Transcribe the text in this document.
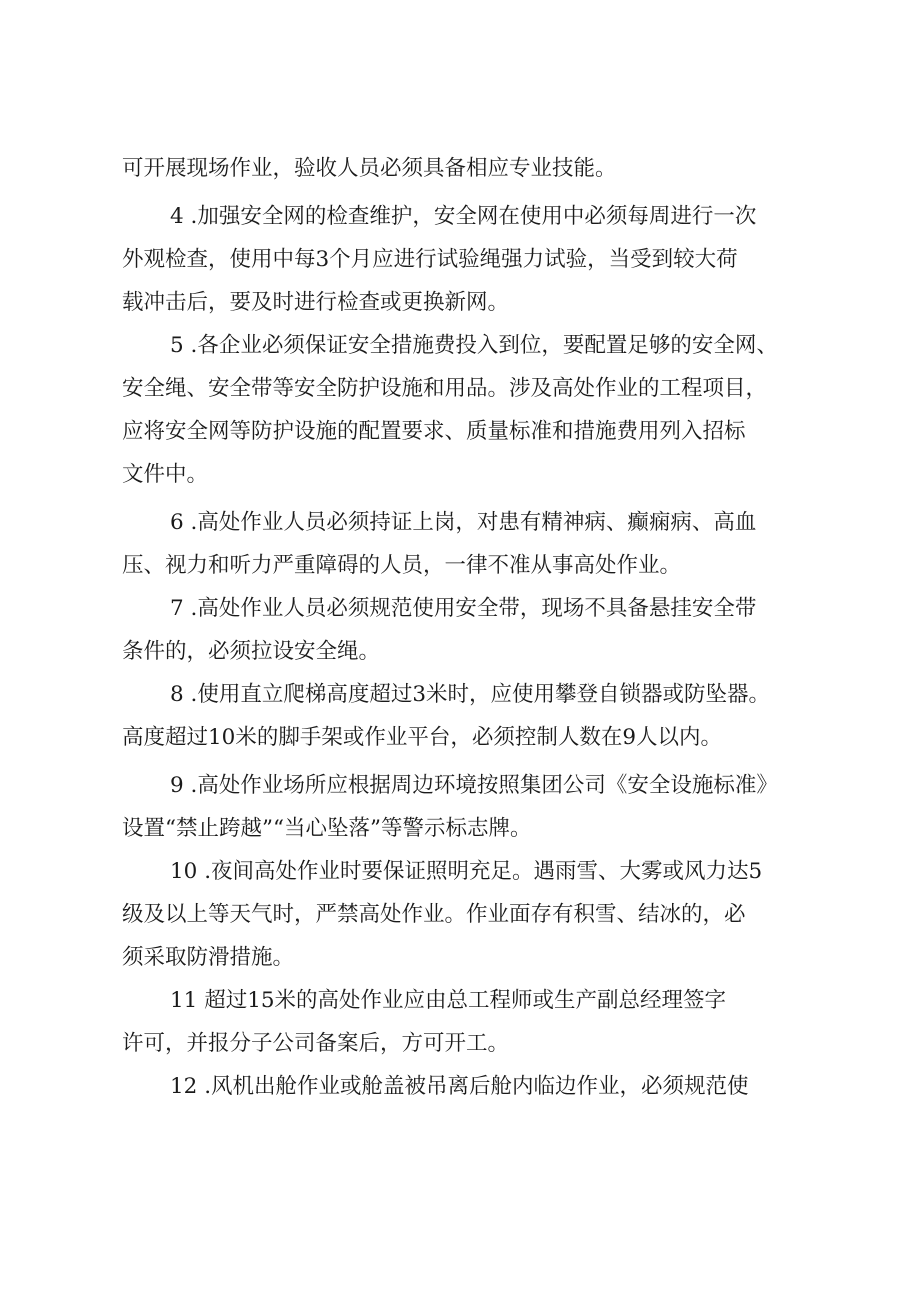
可开展现场作业，验收人员必须具备相应专业技能。
4 .加强安全网的检查维护，安全网在使用中必须每周进行一次
外观检查，使用中每3个月应进行试验绳强力试验，当受到较大荷
载冲击后，要及时进行检查或更换新网。
5 .各企业必须保证安全措施费投入到位，要配置足够的安全网、
安全绳、安全带等安全防护设施和用品。涉及高处作业的工程项目，
应将安全网等防护设施的配置要求、质量标准和措施费用列入招标
文件中。
6 .高处作业人员必须持证上岗，对患有精神病、癫痫病、高血
压、视力和听力严重障碍的人员，一律不准从事高处作业。
7 .高处作业人员必须规范使用安全带，现场不具备悬挂安全带
条件的，必须拉设安全绳。
8 .使用直立爬梯高度超过3米时，应使用攀登自锁器或防坠器。
高度超过10米的脚手架或作业平台，必须控制人数在9人以内。
9 .高处作业场所应根据周边环境按照集团公司《安全设施标准》
设置“禁止跨越”“当心坠落”等警示标志牌。
10 .夜间高处作业时要保证照明充足。遇雨雪、大雾或风力达5
级及以上等天气时，严禁高处作业。作业面存有积雪、结冰的，必
须采取防滑措施。
11 超过15米的高处作业应由总工程师或生产副总经理签字
许可，并报分子公司备案后，方可开工。
12 .风机出舱作业或舱盖被吊离后舱内临边作业，必须规范使
